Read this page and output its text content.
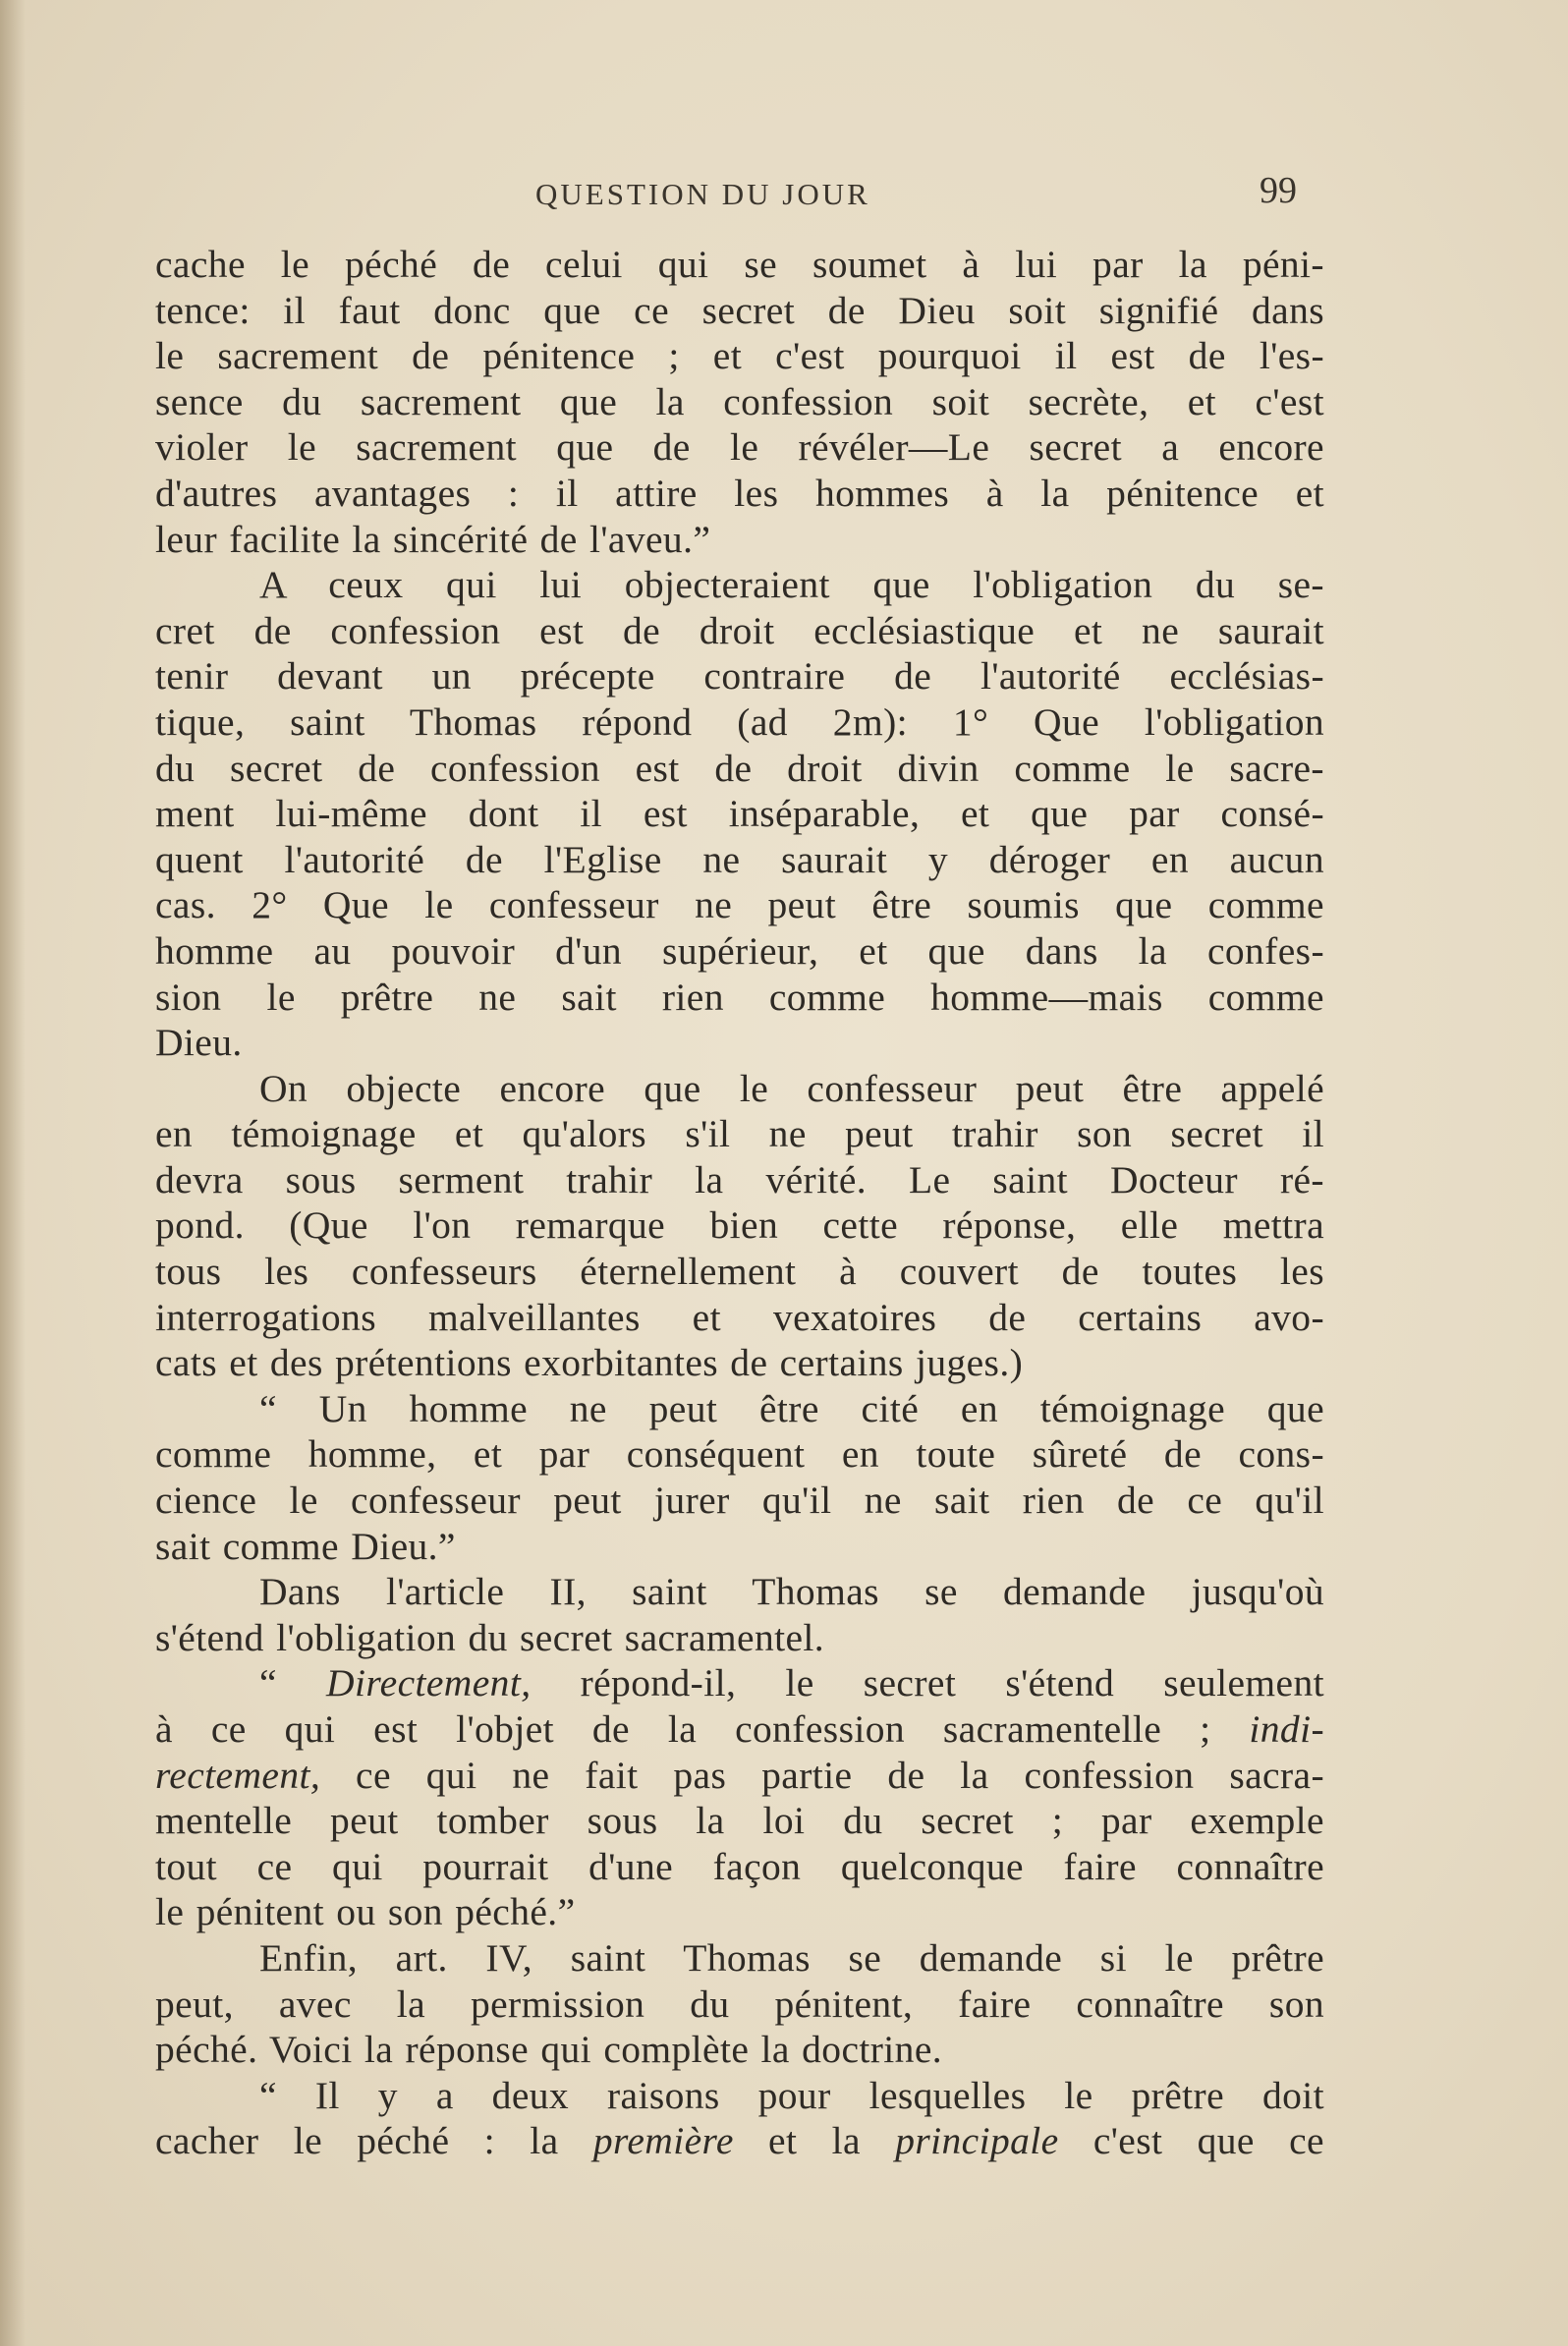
QUESTION DU JOUR	99
cache le péché de celui qui se soumet à lui par la péni-
tence: il faut donc que ce secret de Dieu soit signifié dans
le sacrement de pénitence ; et c'est pourquoi il est de l'es-
sence du sacrement que la confession soit secrète, et c'est
violer le sacrement que de le révéler—Le secret a encore
d'autres avantages : il attire les hommes à la pénitence et
leur facilite la sincérité de l'aveu.”
A ceux qui lui objecteraient que l'obligation du se-
cret de confession est de droit ecclésiastique et ne saurait
tenir devant un précepte contraire de l'autorité ecclésias-
tique, saint Thomas répond (ad 2m): 1° Que l'obligation
du secret de confession est de droit divin comme le sacre-
ment lui-même dont il est inséparable, et que par consé-
quent l'autorité de l'Eglise ne saurait y déroger en aucun
cas. 2° Que le confesseur ne peut être soumis que comme
homme au pouvoir d'un supérieur, et que dans la confes-
sion le prêtre ne sait rien comme homme—mais comme
Dieu.
On objecte encore que le confesseur peut être appelé
en témoignage et qu'alors s'il ne peut trahir son secret il
devra sous serment trahir la vérité. Le saint Docteur ré-
pond. (Que l'on remarque bien cette réponse, elle mettra
tous les confesseurs éternellement à couvert de toutes les
interrogations malveillantes et vexatoires de certains avo-
cats et des prétentions exorbitantes de certains juges.)
“ Un homme ne peut être cité en témoignage que
comme homme, et par conséquent en toute sûreté de cons-
cience le confesseur peut jurer qu'il ne sait rien de ce qu'il
sait comme Dieu.”
Dans l'article II, saint Thomas se demande jusqu'où
s'étend l'obligation du secret sacramentel.
“ Directement, répond-il, le secret s'étend seulement
à ce qui est l'objet de la confession sacramentelle ; indi-
rectement, ce qui ne fait pas partie de la confession sacra-
mentelle peut tomber sous la loi du secret ; par exemple
tout ce qui pourrait d'une façon quelconque faire connaître
le pénitent ou son péché.”
Enfin, art. IV, saint Thomas se demande si le prêtre
peut, avec la permission du pénitent, faire connaître son
péché. Voici la réponse qui complète la doctrine.
“ Il y a deux raisons pour lesquelles le prêtre doit
cacher le péché : la première et la principale c'est que ce
